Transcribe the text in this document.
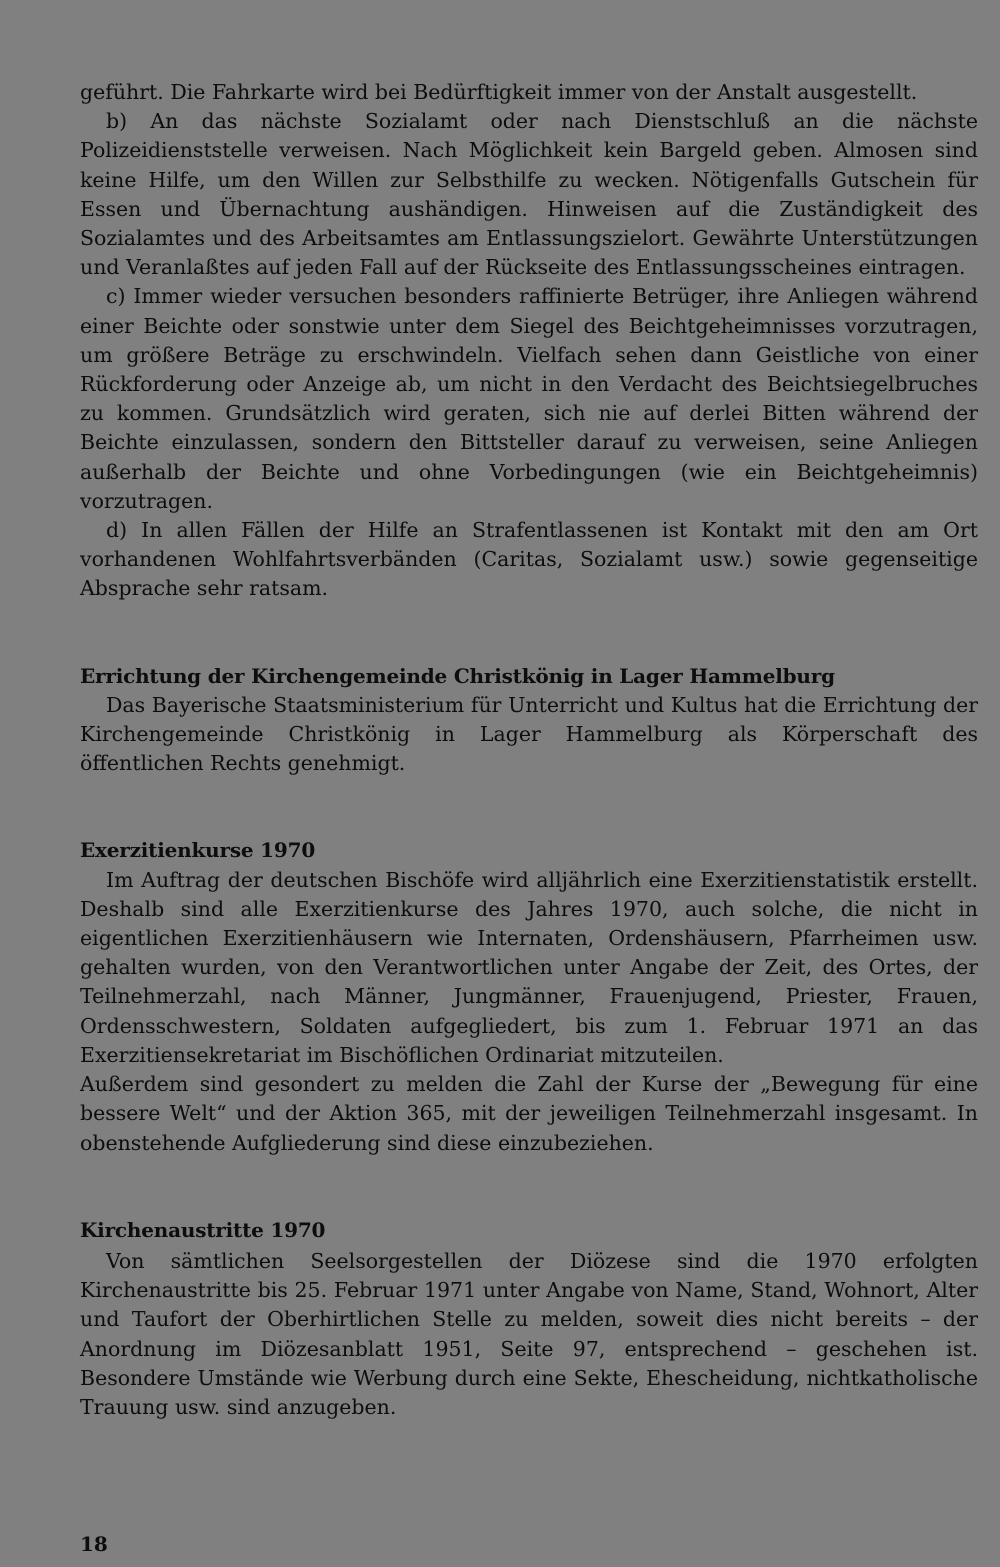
geführt. Die Fahrkarte wird bei Bedürftigkeit immer von der Anstalt ausgestellt.

b) An das nächste Sozialamt oder nach Dienstschluß an die nächste Polizeidienststelle verweisen. Nach Möglichkeit kein Bargeld geben. Almosen sind keine Hilfe, um den Willen zur Selbsthilfe zu wecken. Nötigenfalls Gutschein für Essen und Übernachtung aushändigen. Hinweisen auf die Zuständigkeit des Sozialamtes und des Arbeitsamtes am Entlassungszielort. Gewährte Unterstützungen und Veranlaßtes auf jeden Fall auf der Rückseite des Entlassungsscheines eintragen.

c) Immer wieder versuchen besonders raffinierte Betrüger, ihre Anliegen während einer Beichte oder sonstwie unter dem Siegel des Beichtgeheimnisses vorzutragen, um größere Beträge zu erschwindeln. Vielfach sehen dann Geistliche von einer Rückforderung oder Anzeige ab, um nicht in den Verdacht des Beichtsiegelbruches zu kommen. Grundsätzlich wird geraten, sich nie auf derlei Bitten während der Beichte einzulassen, sondern den Bittsteller darauf zu verweisen, seine Anliegen außerhalb der Beichte und ohne Vorbedingungen (wie ein Beichtgeheimnis) vorzutragen.

d) In allen Fällen der Hilfe an Strafentlassenen ist Kontakt mit den am Ort vorhandenen Wohlfahrtsverbänden (Caritas, Sozialamt usw.) sowie gegenseitige Absprache sehr ratsam.

Errichtung der Kirchengemeinde Christkönig in Lager Hammelburg

Das Bayerische Staatsministerium für Unterricht und Kultus hat die Errichtung der Kirchengemeinde Christkönig in Lager Hammelburg als Körperschaft des öffentlichen Rechts genehmigt.

Exerzitienkurse 1970

Im Auftrag der deutschen Bischöfe wird alljährlich eine Exerzitienstatistik erstellt. Deshalb sind alle Exerzitienkurse des Jahres 1970, auch solche, die nicht in eigentlichen Exerzitienhäusern wie Internaten, Ordenshäusern, Pfarrheimen usw. gehalten wurden, von den Verantwortlichen unter Angabe der Zeit, des Ortes, der Teilnehmerzahl, nach Männer, Jungmänner, Frauenjugend, Priester, Frauen, Ordensschwestern, Soldaten aufgegliedert, bis zum 1. Februar 1971 an das Exerzitiensekretariat im Bischöflichen Ordinariat mitzuteilen.

Außerdem sind gesondert zu melden die Zahl der Kurse der „Bewegung für eine bessere Welt“ und der Aktion 365, mit der jeweiligen Teilnehmerzahl insgesamt. In obenstehende Aufgliederung sind diese einzubeziehen.

Kirchenaustritte 1970

Von sämtlichen Seelsorgestellen der Diözese sind die 1970 erfolgten Kirchenaustritte bis 25. Februar 1971 unter Angabe von Name, Stand, Wohnort, Alter und Taufort der Oberhirtlichen Stelle zu melden, soweit dies nicht bereits – der Anordnung im Diözesanblatt 1951, Seite 97, entsprechend – geschehen ist. Besondere Umstände wie Werbung durch eine Sekte, Ehescheidung, nichtkatholische Trauung usw. sind anzugeben.

18
